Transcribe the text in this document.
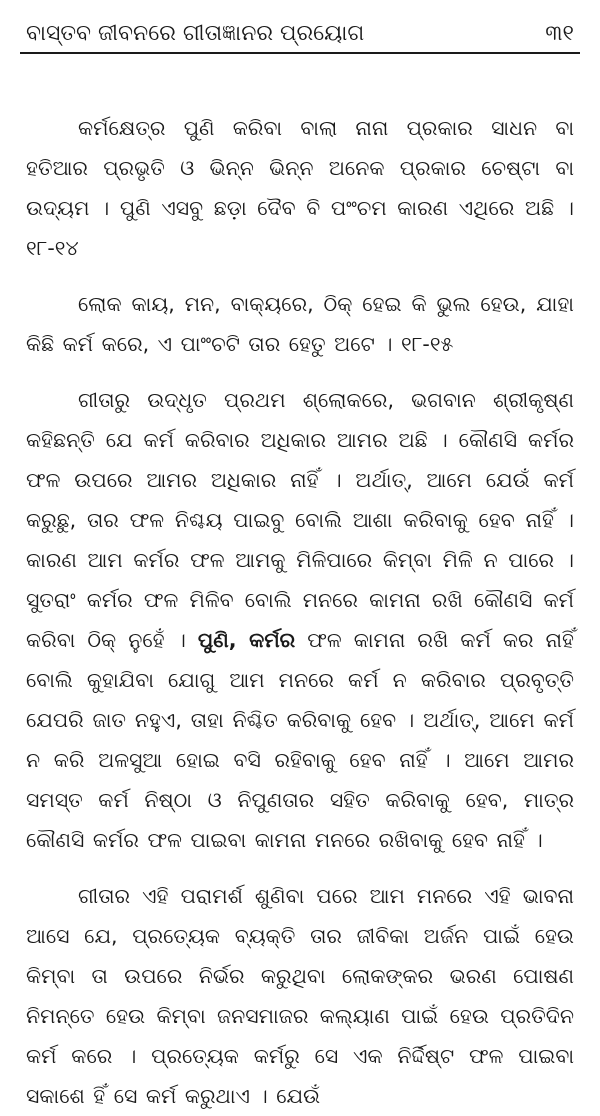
ବାସ୍ତବ ଜୀବନରେ ଗୀତାଜ୍ଞାନର ପ୍ରୟୋଗ	୩୧

କର୍ମକ୍ଷେତ୍ର ପୁଣି କରିବା ବାଲା ନାନା ପ୍ରକାର ସାଧନ ବା ହତିଆର ପ୍ରଭୃତି ଓ ଭିନ୍ନ ଭିନ୍ନ ଅନେକ ପ୍ରକାର ଚେଷ୍ଟା ବା ଉଦ୍ୟମ । ପୁଣି ଏସବୁ ଛଡ଼ା ଦୈବ ବି ପଂଂଚମ କାରଣ ଏଥିରେ ଅଛି । ୧୮-୧୪

ଲୋକ କାୟ, ମନ, ବାକ୍ୟରେ, ଠିକ୍ ହେଇ କି ଭୁଲ ହେଉ, ଯାହା କିଛି କର୍ମ କରେ, ଏ ପାଂଂଚଟି ତାର ହେତୁ ଅଟେ । ୧୮-୧୫

ଗୀତାରୁ ଉଦ୍ଧୃତ ପ୍ରଥମ ଶ୍ଲୋକରେ, ଭଗବାନ ଶ୍ରୀକୃଷ୍ଣ କହିଛନ୍ତି ଯେ କର୍ମ କରିବାର ଅଧିକାର ଆମର ଅଛି । କୌଣସି କର୍ମର ଫଳ ଉପରେ ଆମର ଅଧିକାର ନାହିଁ । ଅର୍ଥାତ୍, ଆମେ ଯେଉଁ କର୍ମ କରୁଛୁ, ତାର ଫଳ ନିଶ୍ଚୟ ପାଇବୁ ବୋଲି ଆଶା କରିବାକୁ ହେବ ନାହିଁ । କାରଣ ଆମ କର୍ମର ଫଳ ଆମକୁ ମିଳିପାରେ କିମ୍ବା ମିଳି ନ ପାରେ । ସୁତରାଂ କର୍ମର ଫଳ ମିଳିବ ବୋଲି ମନରେ କାମନା ରଖି କୌଣସି କର୍ମ କରିବା ଠିକ୍ ନୁହେଁ । ପୁଣି, କର୍ମର ଫଳ କାମନା ରଖି କର୍ମ କର ନାହିଁ ବୋଲି କୁହାଯିବା ଯୋଗୁ ଆମ ମନରେ କର୍ମ ନ କରିବାର ପ୍ରବୃତ୍ତି ଯେପରି ଜାତ ନହୁଏ, ତାହା ନିଶ୍ଚିତ କରିବାକୁ ହେବ । ଅର୍ଥାତ୍, ଆମେ କର୍ମ ନ କରି ଅଳସୁଆ ହୋଇ ବସି ରହିବାକୁ ହେବ ନାହିଁ । ଆମେ ଆମର ସମସ୍ତ କର୍ମ ନିଷ୍ଠା ଓ ନିପୁଣତାର ସହିତ କରିବାକୁ ହେବ, ମାତ୍ର କୌଣସି କର୍ମର ଫଳ ପାଇବା କାମନା ମନରେ ରଖିବାକୁ ହେବ ନାହିଁ ।

ଗୀତାର ଏହି ପରାମର୍ଶ ଶୁଣିବା ପରେ ଆମ ମନରେ ଏହି ଭାବନା ଆସେ ଯେ, ପ୍ରତ୍ୟେକ ବ୍ୟକ୍ତି ତାର ଜୀବିକା ଅର୍ଜନ ପାଇଁ ହେଉ କିମ୍ବା ତା ଉପରେ ନିର୍ଭର କରୁଥିବା ଲୋକଙ୍କର ଭରଣ ପୋଷଣ ନିମନ୍ତେ ହେଉ କିମ୍ବା ଜନସମାଜର କଲ୍ୟାଣ ପାଇଁ ହେଉ ପ୍ରତିଦିନ କର୍ମ କରେ । ପ୍ରତ୍ୟେକ କର୍ମରୁ ସେ ଏକ ନିର୍ଦ୍ଦିଷ୍ଟ ଫଳ ପାଇବା ସକାଶେ ହିଁ ସେ କର୍ମ କରୁଥାଏ । ଯେଉଁ
